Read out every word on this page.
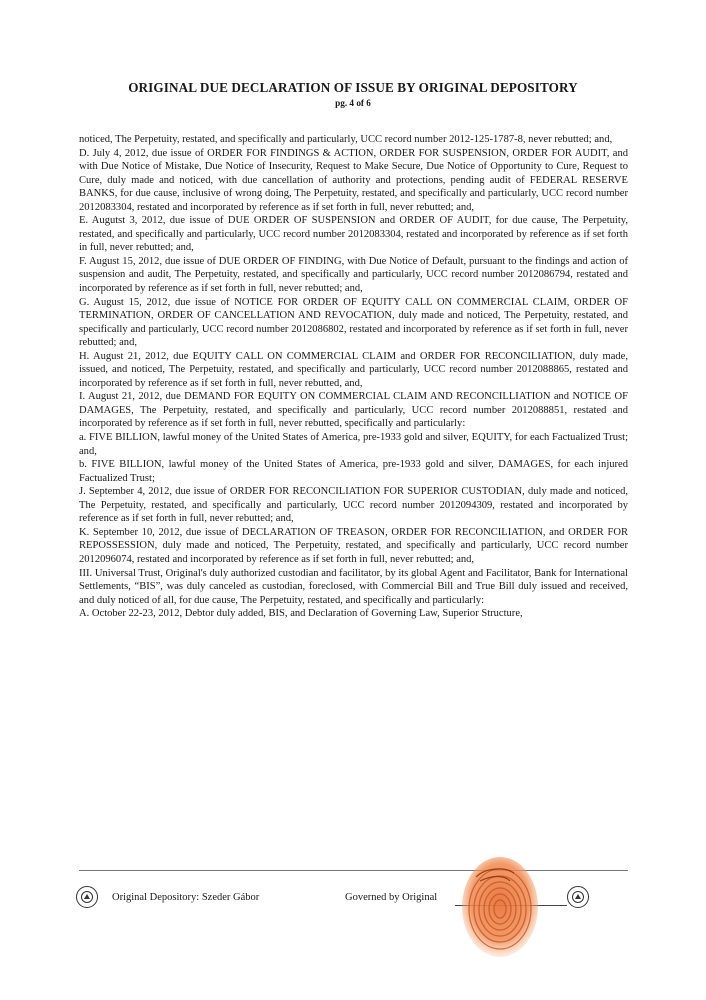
ORIGINAL DUE DECLARATION OF ISSUE BY ORIGINAL DEPOSITORY
pg. 4 of 6

noticed, The Perpetuity, restated, and specifically and particularly, UCC record number 2012-125-1787-8, never rebutted; and,

D. July 4, 2012, due issue of ORDER FOR FINDINGS & ACTION, ORDER FOR SUSPENSION, ORDER FOR AUDIT, and with Due Notice of Mistake, Due Notice of Insecurity, Request to Make Secure, Due Notice of Opportunity to Cure, Request to Cure, duly made and noticed, with due cancellation of authority and protections, pending audit of FEDERAL RESERVE BANKS, for due cause, inclusive of wrong doing, The Perpetuity, restated, and specifically and particularly, UCC record number 2012083304, restated and incorporated by reference as if set forth in full, never rebutted; and,

E. Augutst 3, 2012, due issue of DUE ORDER OF SUSPENSION and ORDER OF AUDIT, for due cause, The Perpetuity, restated, and specifically and particularly, UCC record number 2012083304, restated and incorporated by reference as if set forth in full, never rebutted; and,

F. August 15, 2012, due issue of DUE ORDER OF FINDING, with Due Notice of Default, pursuant to the findings and action of suspension and audit, The Perpetuity, restated, and specifically and particularly, UCC record number 2012086794, restated and incorporated by reference as if set forth in full, never rebutted; and,

G. August 15, 2012, due issue of NOTICE FOR ORDER OF EQUITY CALL ON COMMERCIAL CLAIM, ORDER OF TERMINATION, ORDER OF CANCELLATION AND REVOCATION, duly made and noticed, The Perpetuity, restated, and specifically and particularly, UCC record number 2012086802, restated and incorporated by reference as if set forth in full, never rebutted; and,

H. August 21, 2012, due EQUITY CALL ON COMMERCIAL CLAIM and ORDER FOR RECONCILIATION, duly made, issued, and noticed, The Perpetuity, restated, and specifically and particularly, UCC record number 2012088865, restated and incorporated by reference as if set forth in full, never rebutted, and,

I. August 21, 2012, due DEMAND FOR EQUITY ON COMMERCIAL CLAIM AND RECONCILLIATION and NOTICE OF DAMAGES, The Perpetuity, restated, and specifically and particularly, UCC record number 2012088851, restated and incorporated by reference as if set forth in full, never rebutted, specifically and particularly:

a. FIVE BILLION, lawful money of the United States of America, pre-1933 gold and silver, EQUITY, for each Factualized Trust; and,

b. FIVE BILLION, lawful money of the United States of America, pre-1933 gold and silver, DAMAGES, for each injured Factualized Trust;

J. September 4, 2012, due issue of ORDER FOR RECONCILIATION FOR SUPERIOR CUSTODIAN, duly made and noticed, The Perpetuity, restated, and specifically and particularly, UCC record number 2012094309, restated and incorporated by reference as if set forth in full, never rebutted; and,

K. September 10, 2012, due issue of DECLARATION OF TREASON, ORDER FOR RECONCILIATION, and ORDER FOR REPOSSESSION, duly made and noticed, The Perpetuity, restated, and specifically and particularly, UCC record number 2012096074, restated and incorporated by reference as if set forth in full, never rebutted; and,

III. Universal Trust, Original's duly authorized custodian and facilitator, by its global Agent and Facilitator, Bank for International Settlements, “BIS”, was duly canceled as custodian, foreclosed, with Commercial Bill and True Bill duly issued and received, and duly noticed of all, for due cause, The Perpetuity, restated, and specifically and particularly:

A. October 22-23, 2012, Debtor duly added, BIS, and Declaration of Governing Law, Superior Structure,

Original Depository: Szeder Gábor	Governed by Original
